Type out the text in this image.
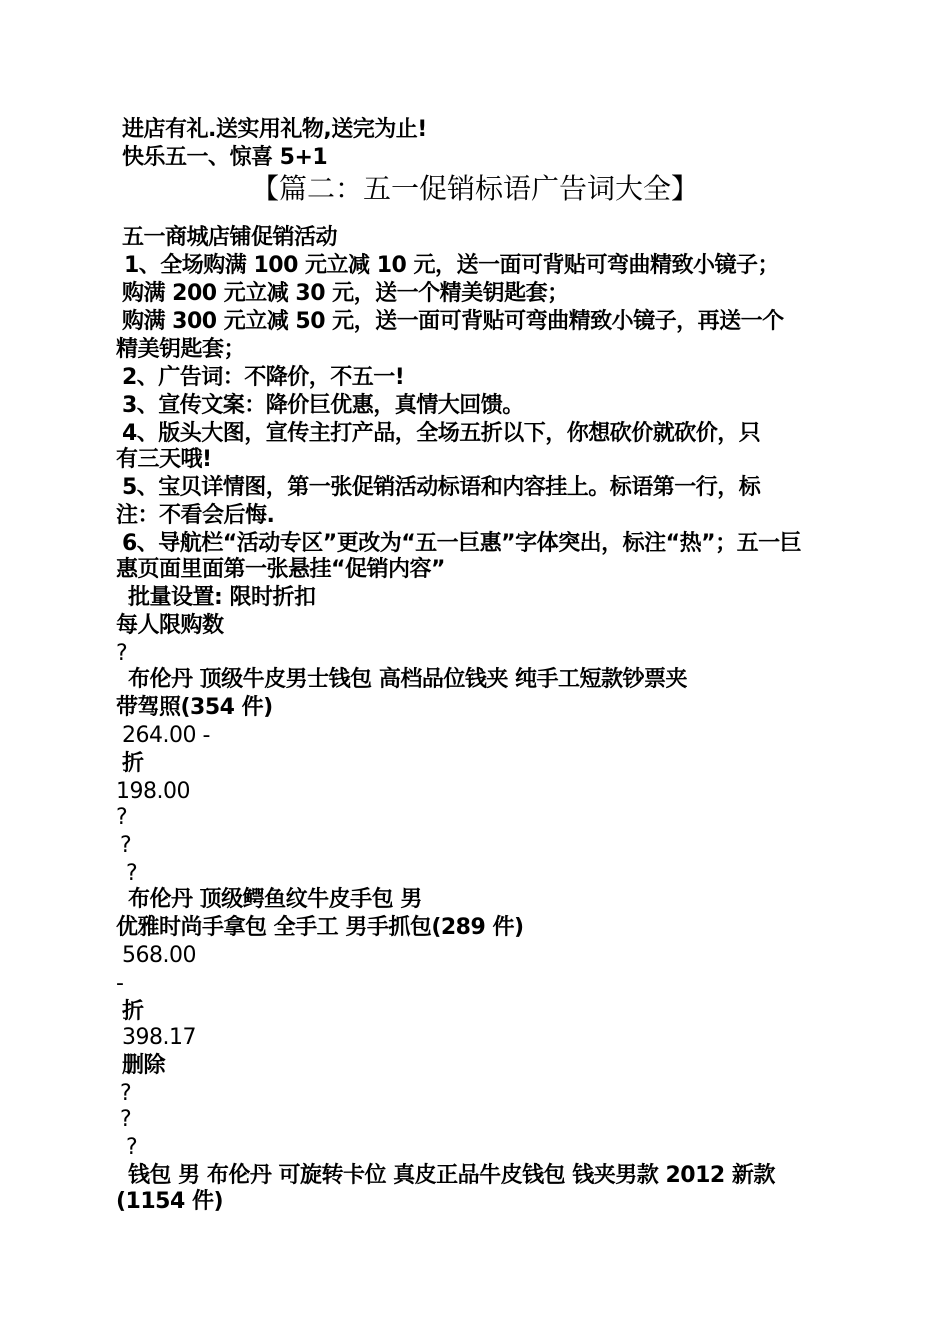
进店有礼.送实用礼物,送完为止!
快乐五一、惊喜 5+1
【篇二：五一促销标语广告词大全】
五一商城店铺促销活动
1、全场购满 100 元立减 10 元，送一面可背贴可弯曲精致小镜子；
购满 200 元立减 30 元，送一个精美钥匙套；
购满 300 元立减 50 元，送一面可背贴可弯曲精致小镜子，再送一个
精美钥匙套；
2、广告词：不降价，不五一!
3、宣传文案：降价巨优惠，真情大回馈。
4、版头大图，宣传主打产品，全场五折以下，你想砍价就砍价，只
有三天哦!
5、宝贝详情图，第一张促销活动标语和内容挂上。标语第一行，标
注：不看会后悔.
6、导航栏“活动专区”更改为“五一巨惠”字体突出，标注“热”；五一巨
惠页面里面第一张悬挂“促销内容”
批量设置: 限时折扣
每人限购数
?
布伦丹 顶级牛皮男士钱包 高档品位钱夹 纯手工短款钞票夹
带驾照(354 件)
264.00 -
折
198.00
?
?
?
布伦丹 顶级鳄鱼纹牛皮手包 男
优雅时尚手拿包 全手工 男手抓包(289 件)
568.00
-
折
398.17
删除
?
?
?
钱包 男 布伦丹 可旋转卡位 真皮正品牛皮钱包 钱夹男款 2012 新款
(1154 件)
